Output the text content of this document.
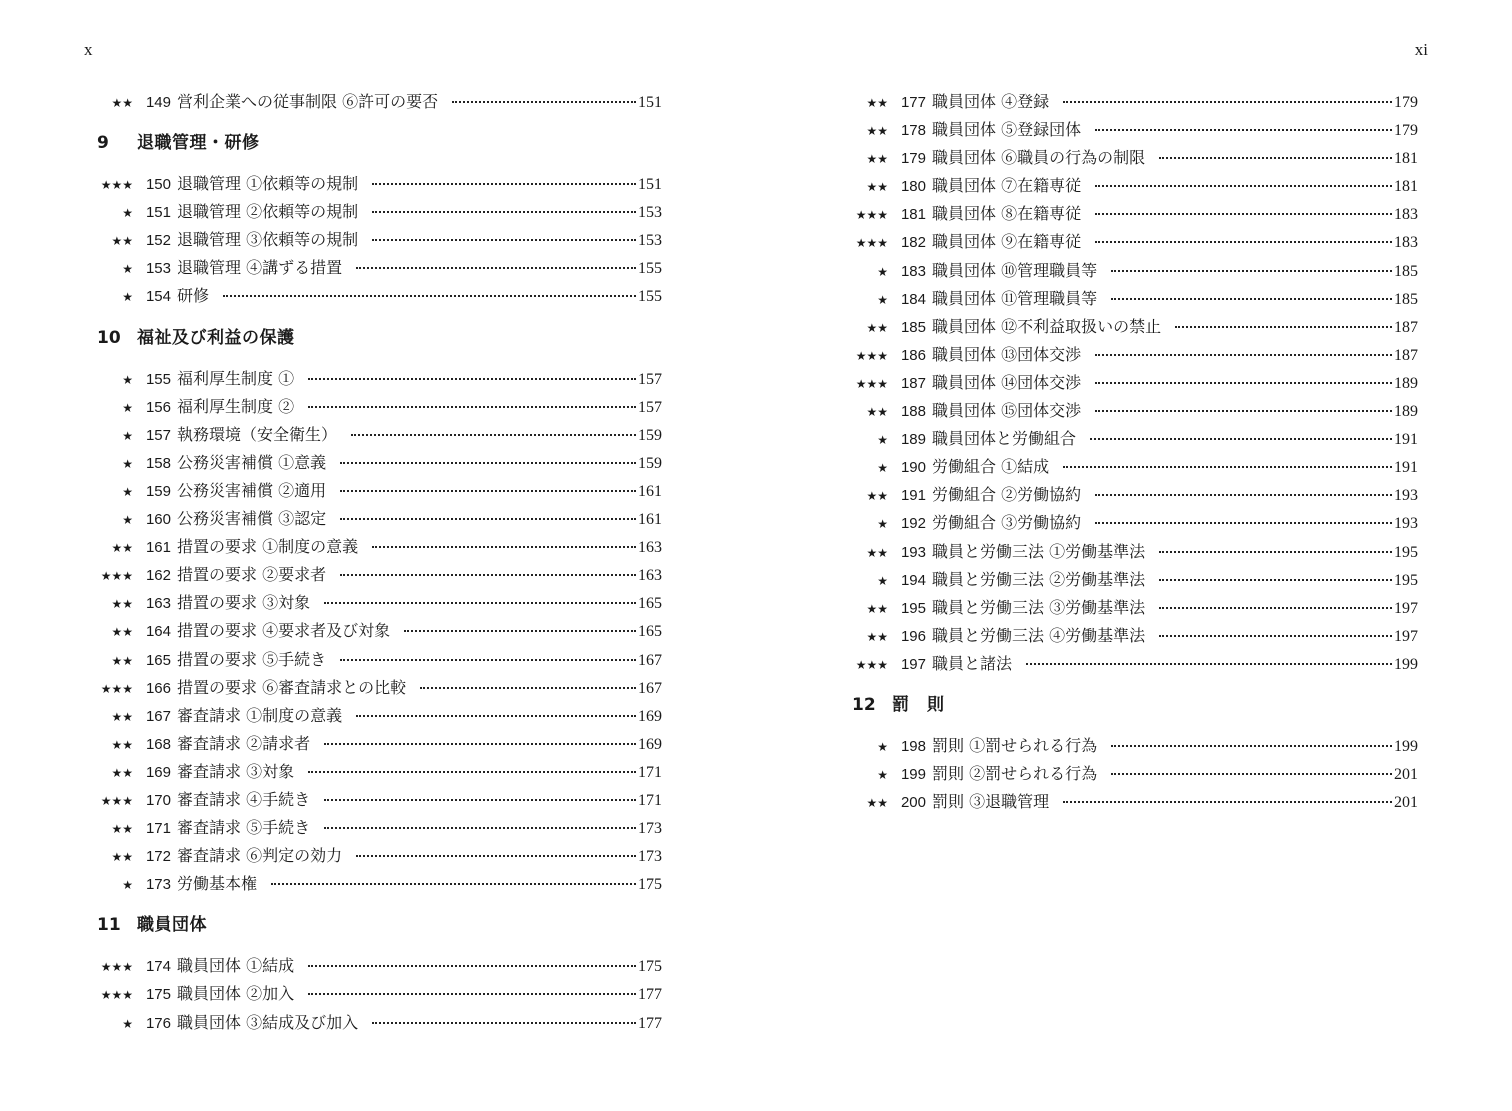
x
★★ 149 営利企業への従事制限 ⑥許可の要否	151
9 退職管理・研修
★★★ 150 退職管理 ①依頼等の規制	151
★ 151 退職管理 ②依頼等の規制	153
★★ 152 退職管理 ③依頼等の規制	153
★ 153 退職管理 ④講ずる措置	155
★ 154 研修	155
10 福祉及び利益の保護
★ 155 福利厚生制度 ①	157
★ 156 福利厚生制度 ②	157
★ 157 執務環境（安全衛生）	159
★ 158 公務災害補償 ①意義	159
★ 159 公務災害補償 ②適用	161
★ 160 公務災害補償 ③認定	161
★★ 161 措置の要求 ①制度の意義	163
★★★ 162 措置の要求 ②要求者	163
★★ 163 措置の要求 ③対象	165
★★ 164 措置の要求 ④要求者及び対象	165
★★ 165 措置の要求 ⑤手続き	167
★★★ 166 措置の要求 ⑥審査請求との比較	167
★★ 167 審査請求 ①制度の意義	169
★★ 168 審査請求 ②請求者	169
★★ 169 審査請求 ③対象	171
★★★ 170 審査請求 ④手続き	171
★★ 171 審査請求 ⑤手続き	173
★★ 172 審査請求 ⑥判定の効力	173
★ 173 労働基本権	175
11 職員団体
★★★ 174 職員団体 ①結成	175
★★★ 175 職員団体 ②加入	177
★ 176 職員団体 ③結成及び加入	177
xi
★★ 177 職員団体 ④登録	179
★★ 178 職員団体 ⑤登録団体	179
★★ 179 職員団体 ⑥職員の行為の制限	181
★★ 180 職員団体 ⑦在籍専従	181
★★★ 181 職員団体 ⑧在籍専従	183
★★★ 182 職員団体 ⑨在籍専従	183
★ 183 職員団体 ⑩管理職員等	185
★ 184 職員団体 ⑪管理職員等	185
★★ 185 職員団体 ⑫不利益取扱いの禁止	187
★★★ 186 職員団体 ⑬団体交渉	187
★★★ 187 職員団体 ⑭団体交渉	189
★★ 188 職員団体 ⑮団体交渉	189
★ 189 職員団体と労働組合	191
★ 190 労働組合 ①結成	191
★★ 191 労働組合 ②労働協約	193
★ 192 労働組合 ③労働協約	193
★★ 193 職員と労働三法 ①労働基準法	195
★ 194 職員と労働三法 ②労働基準法	195
★★ 195 職員と労働三法 ③労働基準法	197
★★ 196 職員と労働三法 ④労働基準法	197
★★★ 197 職員と諸法	199
12 罰　則
★ 198 罰則 ①罰せられる行為	199
★ 199 罰則 ②罰せられる行為	201
★★ 200 罰則 ③退職管理	201
